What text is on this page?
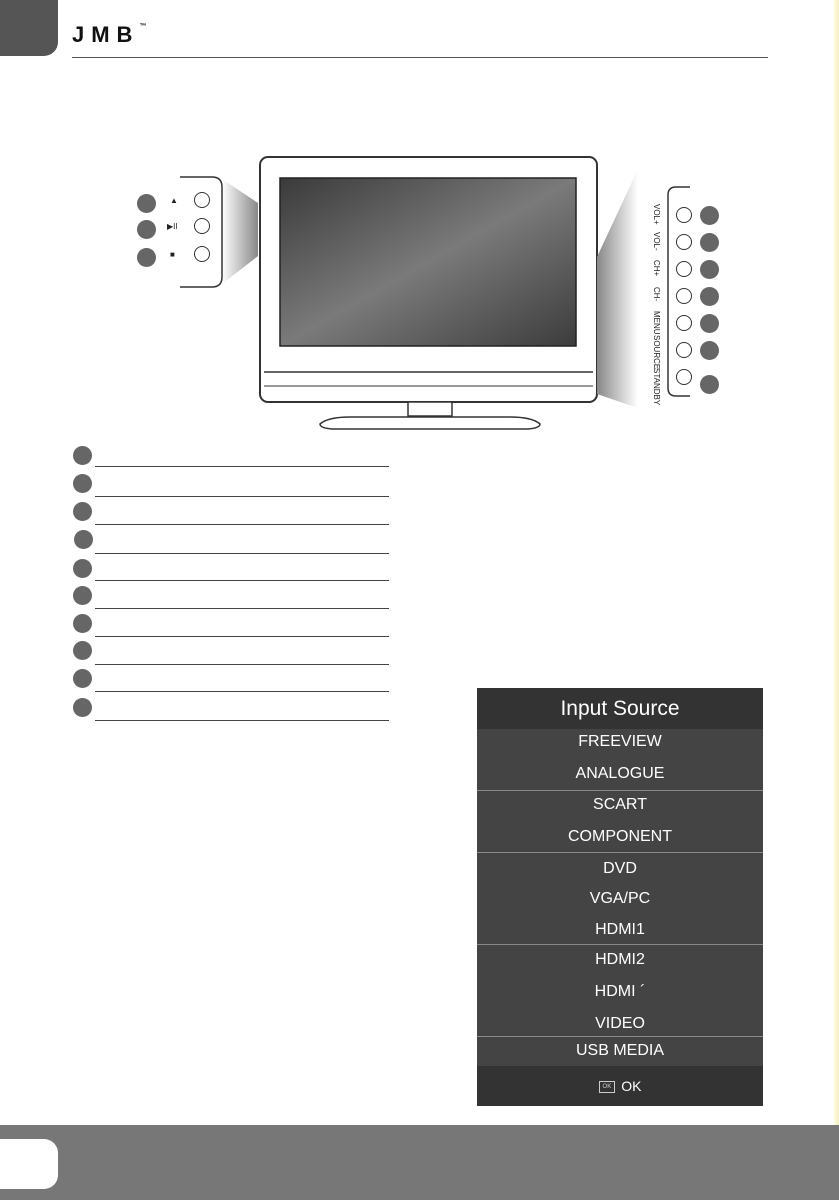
JMB™
▲
▶II
■
VOL+
VOL-
CH+
CH-
MENU
SOURCE
STANDBY
Input Source
FREEVIEW
ANALOGUE
SCART
COMPONENT
DVD
VGA/PC
HDMI1
HDMI2
HDMI ´
VIDEO
USB MEDIA
OK OK
